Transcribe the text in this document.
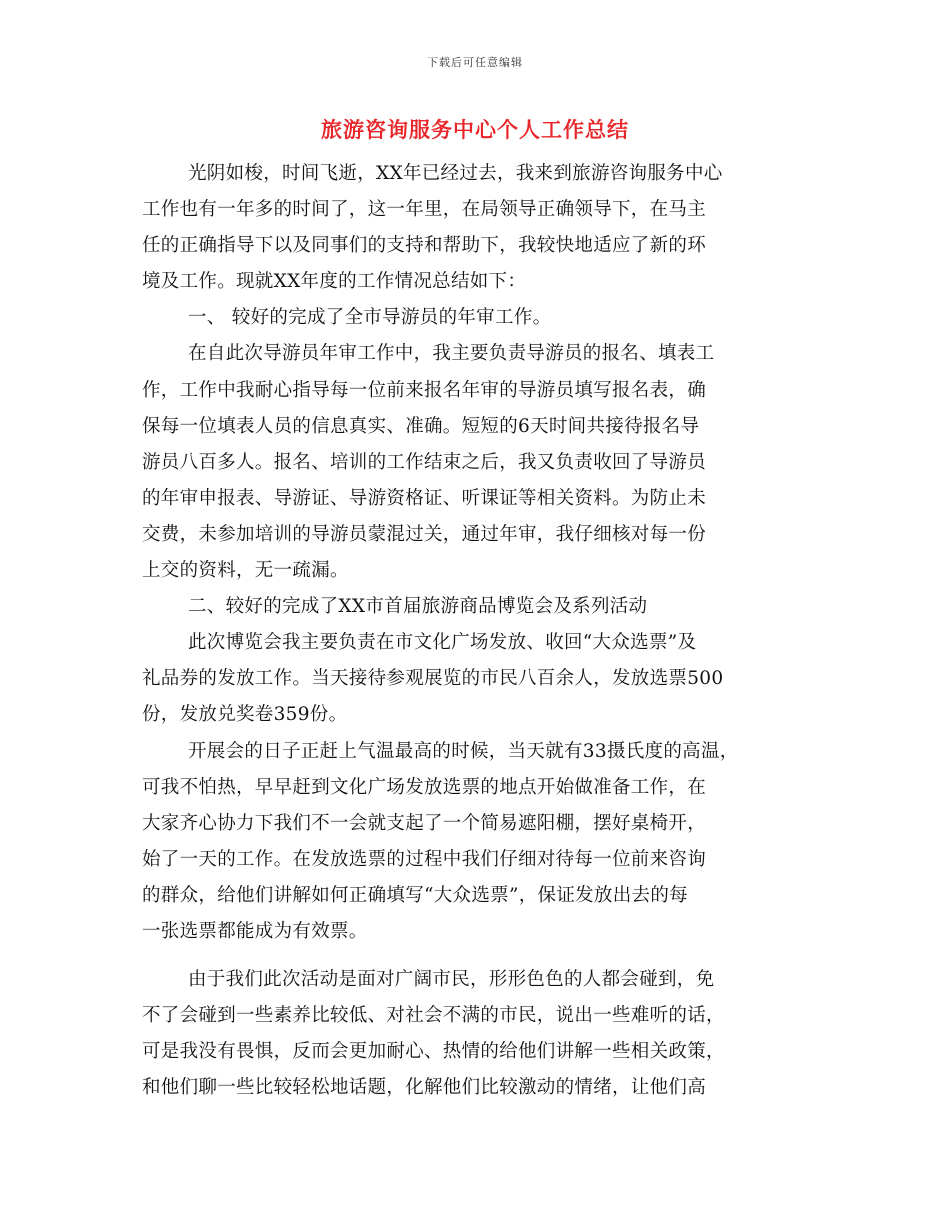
下载后可任意编辑
旅游咨询服务中心个人工作总结
光阴如梭，时间飞逝，XX年已经过去，我来到旅游咨询服务中心
工作也有一年多的时间了，这一年里，在局领导正确领导下，在马主
任的正确指导下以及同事们的支持和帮助下，我较快地适应了新的环
境及工作。现就XX年度的工作情况总结如下：
一、 较好的完成了全市导游员的年审工作。
在自此次导游员年审工作中，我主要负责导游员的报名、填表工
作，工作中我耐心指导每一位前来报名年审的导游员填写报名表，确
保每一位填表人员的信息真实、准确。短短的6天时间共接待报名导
游员八百多人。报名、培训的工作结束之后，我又负责收回了导游员
的年审申报表、导游证、导游资格证、听课证等相关资料。为防止未
交费，未参加培训的导游员蒙混过关，通过年审，我仔细核对每一份
上交的资料，无一疏漏。
二、较好的完成了XX市首届旅游商品博览会及系列活动
此次博览会我主要负责在市文化广场发放、收回“大众选票”及
礼品券的发放工作。当天接待参观展览的市民八百余人，发放选票500
份，发放兑奖卷359份。
开展会的日子正赶上气温最高的时候，当天就有33摄氏度的高温，
可我不怕热，早早赶到文化广场发放选票的地点开始做准备工作，在
大家齐心协力下我们不一会就支起了一个简易遮阳棚，摆好桌椅开，
始了一天的工作。在发放选票的过程中我们仔细对待每一位前来咨询
的群众，给他们讲解如何正确填写“大众选票”，保证发放出去的每
一张选票都能成为有效票。
由于我们此次活动是面对广阔市民，形形色色的人都会碰到，免
不了会碰到一些素养比较低、对社会不满的市民，说出一些难听的话，
可是我没有畏惧，反而会更加耐心、热情的给他们讲解一些相关政策，
和他们聊一些比较轻松地话题，化解他们比较激动的情绪，让他们高
